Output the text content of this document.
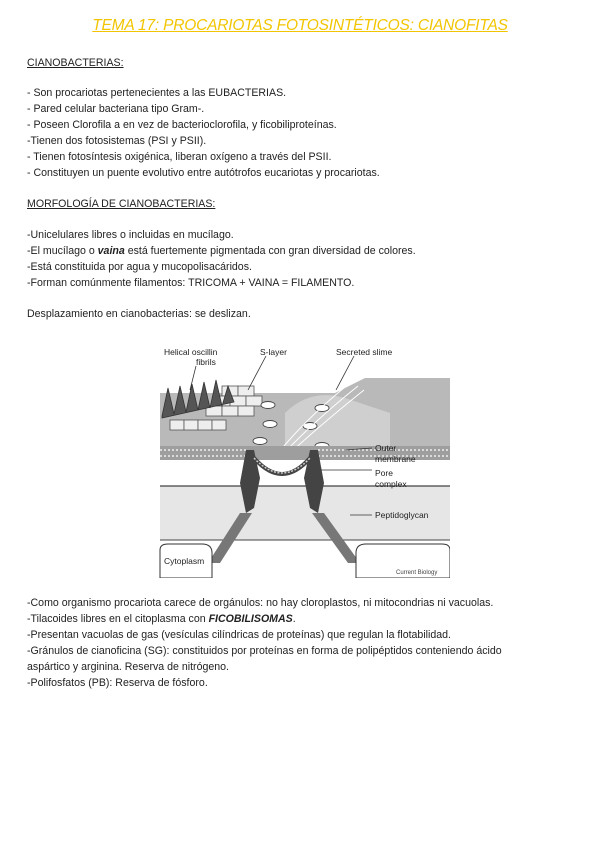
TEMA 17: PROCARIOTAS FOTOSINTÉTICOS: CIANOFITAS
CIANOBACTERIAS:
- Son procariotas pertenecientes a las EUBACTERIAS.
- Pared celular bacteriana tipo Gram-.
- Poseen Clorofila a en vez de bacterioclorofila, y ficobiliproteínas.
-Tienen dos fotosistemas (PSI y PSII).
- Tienen fotosíntesis oxigénica, liberan oxígeno a través del PSII.
- Constituyen un puente evolutivo entre autótrofos eucariotas y procariotas.
MORFOLOGÍA DE CIANOBACTERIAS:
-Unicelulares libres o incluidas en mucílago.
-El mucílago o vaina está fuertemente pigmentada con gran diversidad de colores.
-Está constituida por agua y mucopolisacáridos.
-Forman comúnmente filamentos: TRICOMA + VAINA = FILAMENTO.
Desplazamiento en cianobacterias: se deslizan.
Helical oscillin
fibrils
S-layer	Secreted slime
Outer
membrane
Pore
complex
Peptidoglycan
Cytoplasm
Current Biology
-Como organismo procariota carece de orgánulos: no hay cloroplastos, ni mitocondrias ni vacuolas.
-Tilacoides libres en el citoplasma con FICOBILISOMAS.
-Presentan vacuolas de gas (vesículas cilíndricas de proteínas) que regulan la flotabilidad.
-Gránulos de cianoficina (SG): constituidos por proteínas en forma de polipéptidos conteniendo ácido
aspártico y arginina. Reserva de nitrógeno.
-Polifosfatos (PB): Reserva de fósforo.
